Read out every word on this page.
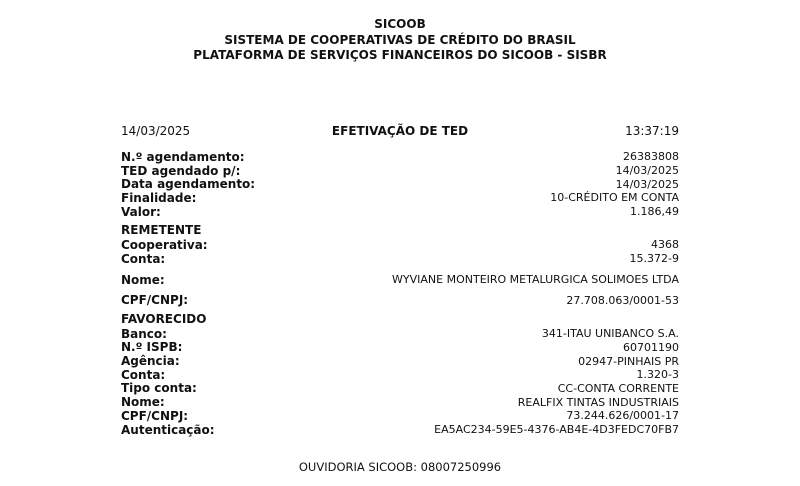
SICOOB
SISTEMA DE COOPERATIVAS DE CRÉDITO DO BRASIL
PLATAFORMA DE SERVIÇOS FINANCEIROS DO SICOOB - SISBR
14/03/2025	EFETIVAÇÃO DE TED	13:37:19
N.º agendamento:	26383808
TED agendado p/:	14/03/2025
Data agendamento:	14/03/2025
Finalidade:	10-CRÉDITO EM CONTA
Valor:	1.186,49
REMETENTE
Cooperativa:	4368
Conta:	15.372-9
Nome:	WYVIANE MONTEIRO METALURGICA SOLIMOES LTDA
CPF/CNPJ:	27.708.063/0001-53
FAVORECIDO
Banco:	341-ITAU UNIBANCO S.A.
N.º ISPB:	60701190
Agência:	02947-PINHAIS PR
Conta:	1.320-3
Tipo conta:	CC-CONTA CORRENTE
Nome:	REALFIX TINTAS INDUSTRIAIS
CPF/CNPJ:	73.244.626/0001-17
Autenticação:	EA5AC234-59E5-4376-AB4E-4D3FEDC70FB7
OUVIDORIA SICOOB: 08007250996
